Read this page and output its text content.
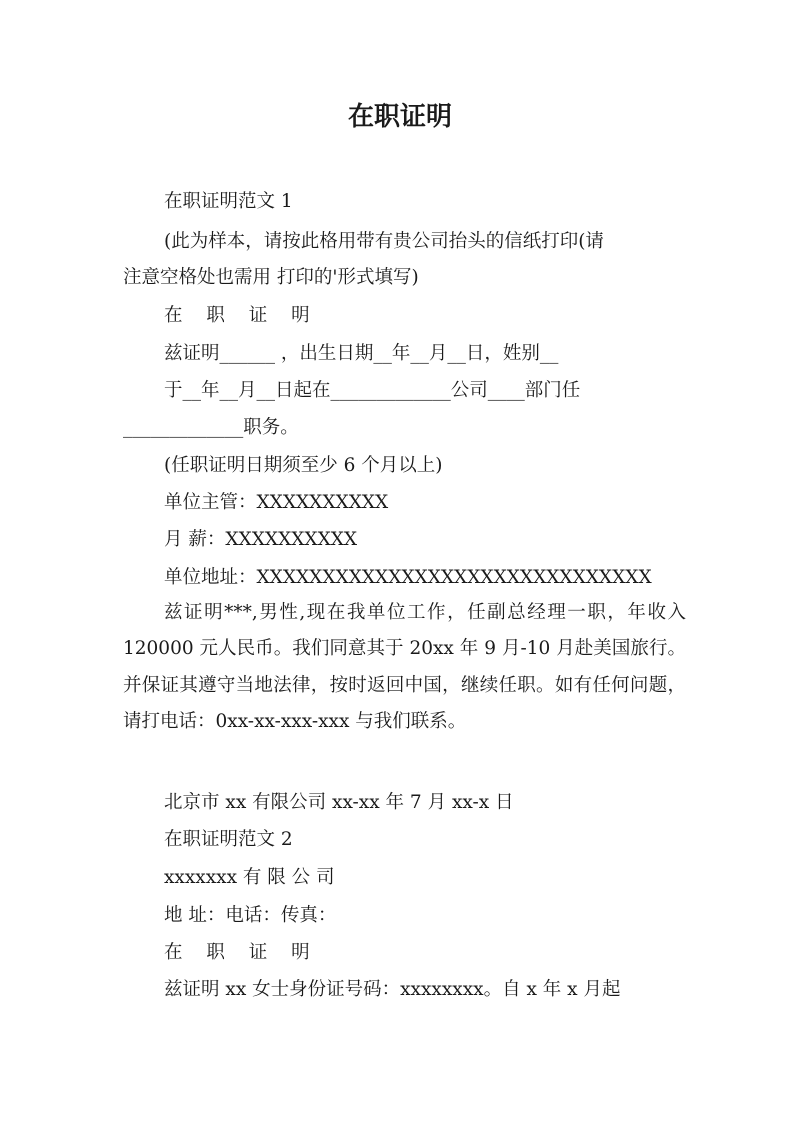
在职证明
在职证明范文 1
(此为样本，请按此格用带有贵公司抬头的信纸打印(请
注意空格处也需用 打印的'形式填写)
在 职 证 明
兹证明______ ，出生日期__年__月__日，姓别__
于__年__月__日起在_____________公司____部门任
_____________职务。
(任职证明日期须至少 6 个月以上)
单位主管：XXXXXXXXXX
月 薪：XXXXXXXXXX
单位地址：XXXXXXXXXXXXXXXXXXXXXXXXXXXXXX
兹证明***,男性,现在我单位工作，任副总经理一职，年收入 120000 元人民币。我们同意其于 20xx 年 9 月-10 月赴美国旅行。并保证其遵守当地法律，按时返回中国，继续任职。如有任何问题，请打电话：0xx-xx-xxx-xxx 与我们联系。
北京市 xx 有限公司 xx-xx 年 7 月 xx-x 日
在职证明范文 2
xxxxxxx 有 限 公 司
地 址：电话：传真：
在 职 证 明
兹证明 xx 女士身份证号码：xxxxxxxx。自 x 年 x 月起
